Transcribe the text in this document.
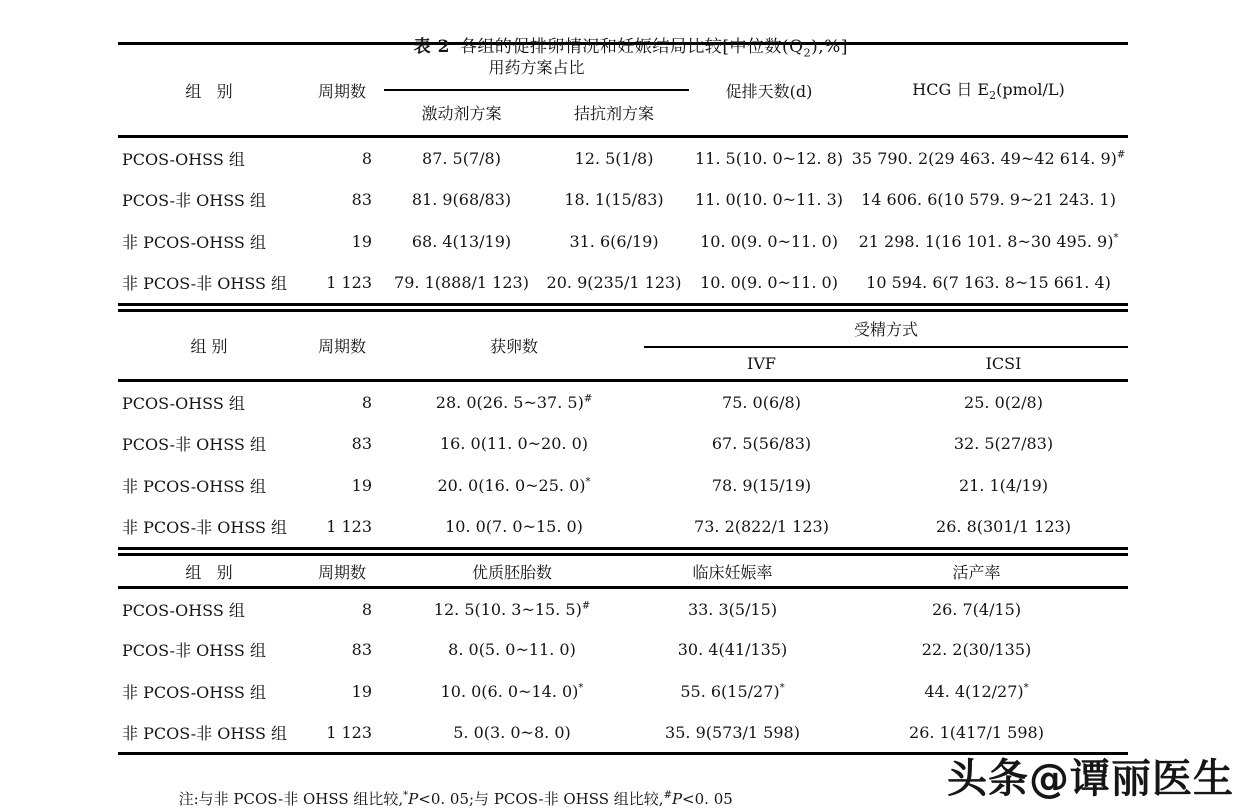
表 2 各组的促排卵情况和妊娠结局比较[中位数$(Q_2),\%$]

组   别	周期数	用药方案占比		促排天数(d)	HCG 日 $E_2(pmol/L)$
		激动剂方案	拮抗剂方案		
PCOS-OHSS 组	8	87. 5(7/8)	12. 5(1/8)	11. 5(10. 0~12. 8)	35 790. 2(29 463. 49~42 614. 9)#
PCOS-非 OHSS 组	83	81. 9(68/83)	18. 1(15/83)	11. 0(10. 0~11. 3)	14 606. 6(10 579. 9~21 243. 1)
非 PCOS-OHSS 组	19	68. 4(13/19)	31. 6(6/19)	10. 0(9. 0~11. 0)	21 298. 1(16 101. 8~30 495. 9)*
非 PCOS-非 OHSS 组	1 123	79. 1(888/1 123)	20. 9(235/1 123)	10. 0(9. 0~11. 0)	10 594. 6(7 163. 8~15 661. 4)
组 别	周期数	获卵数	受精方式	
			IVF	ICSI
PCOS-OHSS 组	8	28. 0(26. 5~37. 5)#	75. 0(6/8)	25. 0(2/8)
PCOS-非 OHSS 组	83	16. 0(11. 0~20. 0)	67. 5(56/83)	32. 5(27/83)
非 PCOS-OHSS 组	19	20. 0(16. 0~25. 0)*	78. 9(15/19)	21. 1(4/19)
非 PCOS-非 OHSS 组	1 123	10. 0(7. 0~15. 0)	73. 2(822/1 123)	26. 8(301/1 123)
组   别	周期数	优质胚胎数	临床妊娠率	活产率
PCOS-OHSS 组	8	12. 5(10. 3~15. 5)#	33. 3(5/15)	26. 7(4/15)
PCOS-非 OHSS 组	83	8. 0(5. 0~11. 0)	30. 4(41/135)	22. 2(30/135)
非 PCOS-OHSS 组	19	10. 0(6. 0~14. 0)*	55. 6(15/27)*	44. 4(12/27)*
非 PCOS-非 OHSS 组	1 123	5. 0(3. 0~8. 0)	35. 9(573/1 598)	26. 1(417/1 598)

注:与非 PCOS-非 OHSS 组比较,*P<0. 05;与 PCOS-非 OHSS 组比较,#P<0. 05
	头条@谭丽医生
